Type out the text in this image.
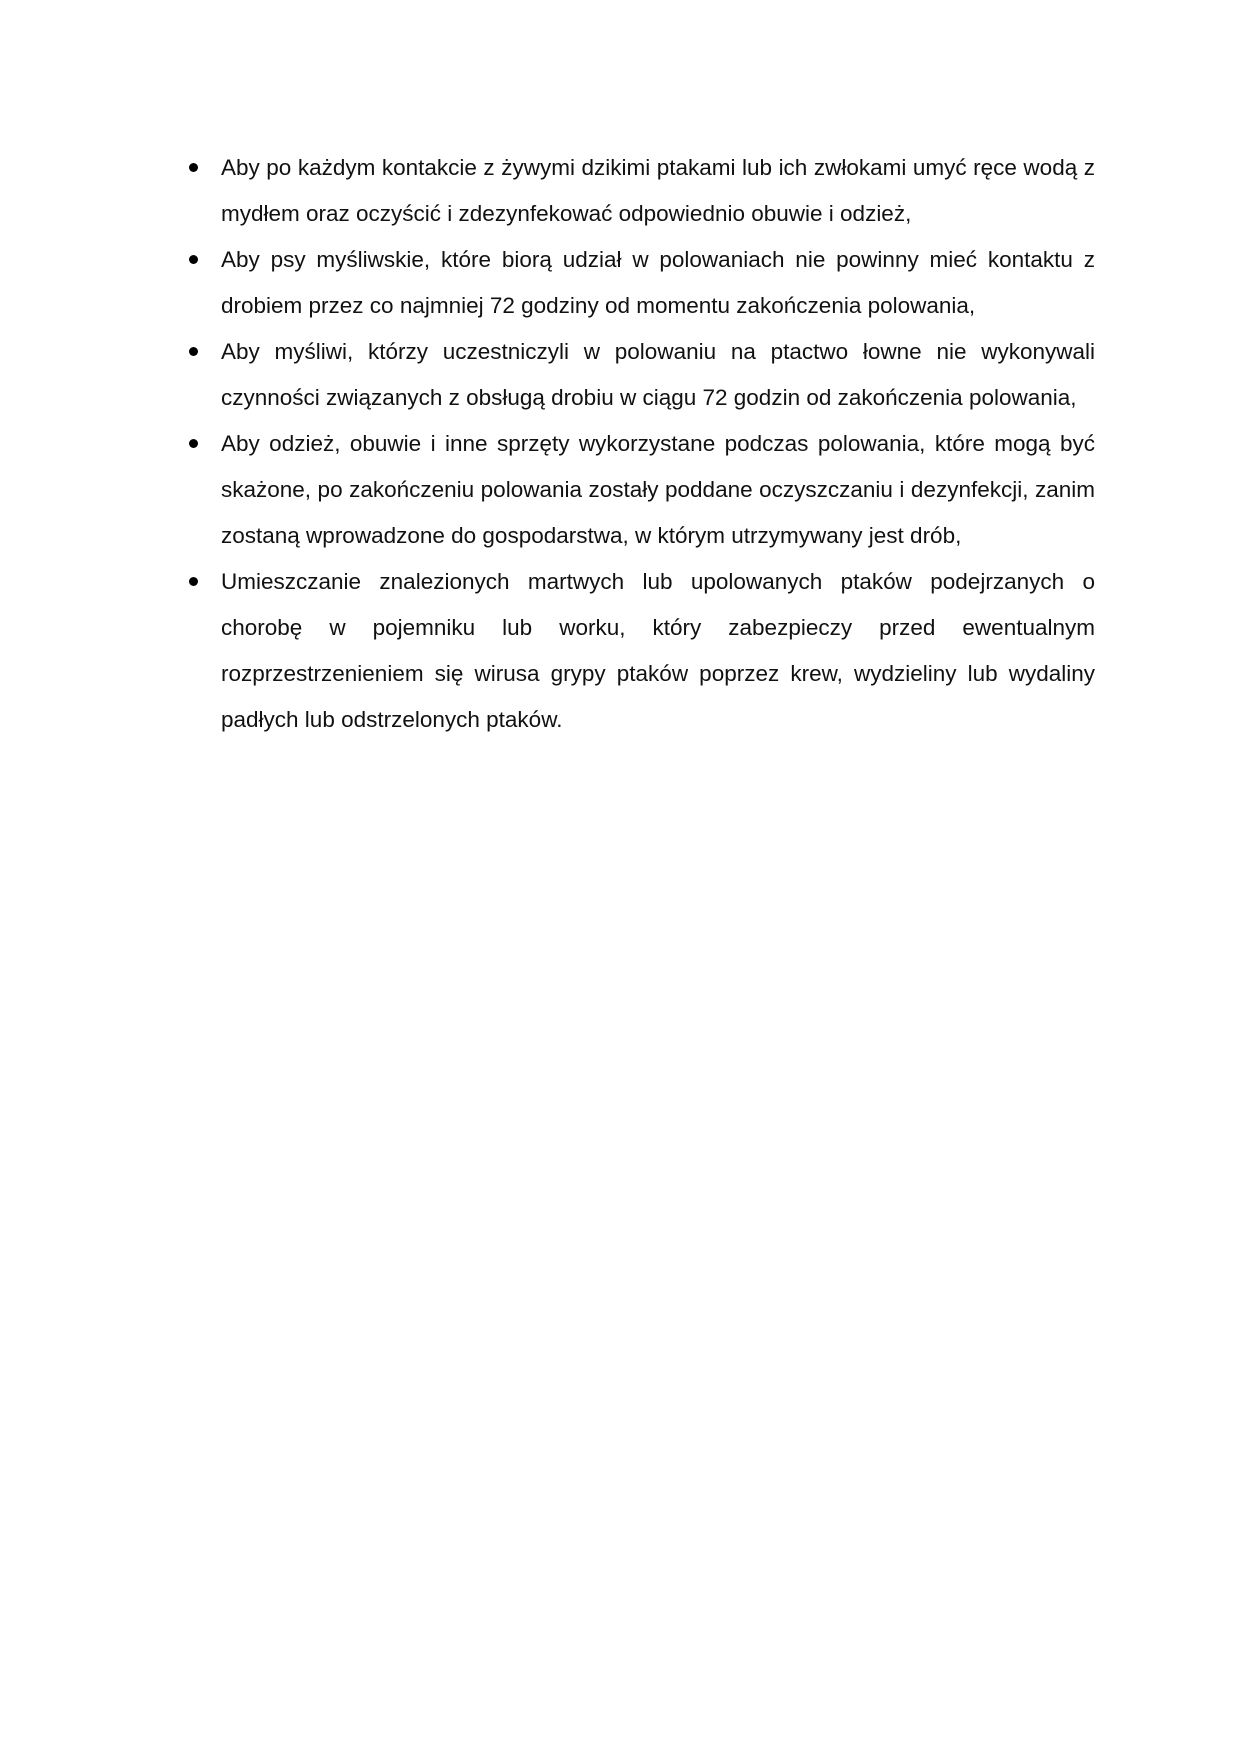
Aby po każdym kontakcie z żywymi dzikimi ptakami lub ich zwłokami umyć ręce wodą z mydłem oraz oczyścić i zdezynfekować odpowiednio obuwie i odzież,
Aby psy myśliwskie, które biorą udział w polowaniach nie powinny mieć kontaktu z drobiem przez co najmniej 72 godziny od momentu zakończenia polowania,
Aby myśliwi, którzy uczestniczyli w polowaniu na ptactwo łowne nie wykonywali czynności związanych z obsługą drobiu w ciągu 72 godzin od zakończenia polowania,
Aby odzież, obuwie i inne sprzęty wykorzystane podczas polowania, które mogą być skażone, po zakończeniu polowania zostały poddane oczyszczaniu i dezynfekcji, zanim zostaną wprowadzone do gospodarstwa, w którym utrzymywany jest drób,
Umieszczanie znalezionych martwych lub upolowanych ptaków podejrzanych o chorobę w pojemniku lub worku, który zabezpieczy przed ewentualnym rozprzestrzenieniem się wirusa grypy ptaków poprzez krew, wydzieliny lub wydaliny padłych lub odstrzelonych ptaków.
